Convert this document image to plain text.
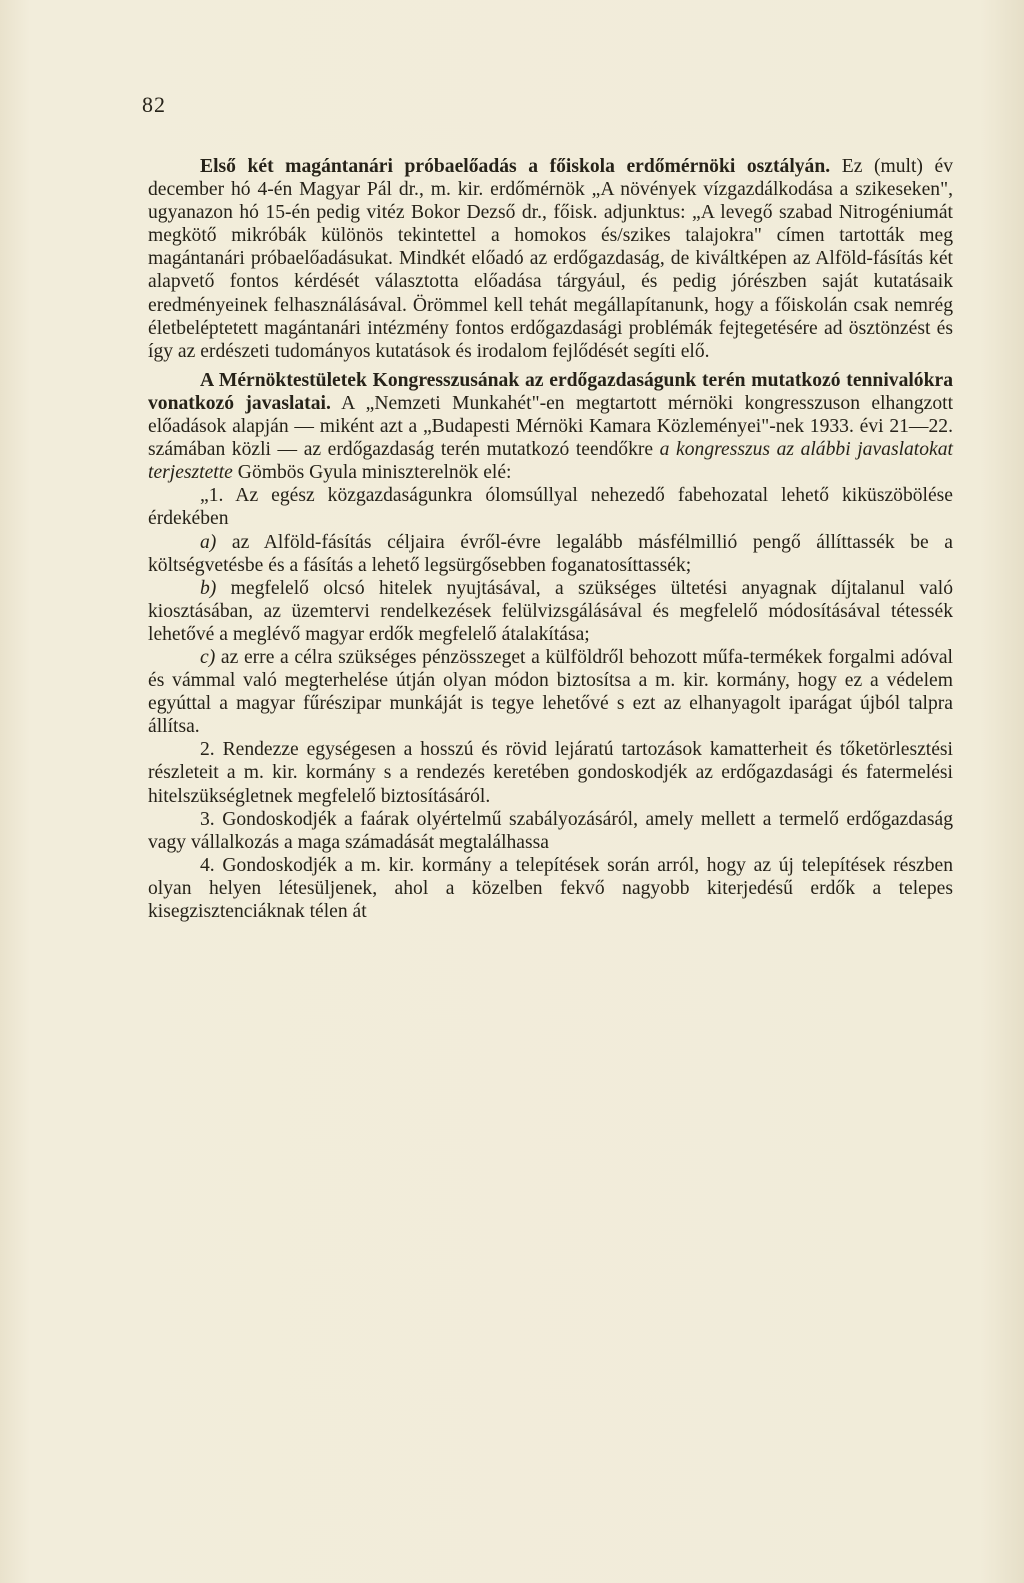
82

Első két magántanári próbaelőadás a főiskola erdőmérnöki osztályán. Ez (mult) év december hó 4-én Magyar Pál dr., m. kir. erdőmérnök „A növények vízgazdálkodása a szikeseken", ugyanazon hó 15-én pedig vitéz Bokor Dezső dr., főisk. adjunktus: „A levegő szabad Nitrogéniumát megkötő mikróbák különös tekintettel a homokos és/szikes talajokra" címen tartották meg magántanári próbaelőadásukat. Mindkét előadó az erdőgazdaság, de kiváltképen az Alföld-fásítás két alapvető fontos kérdését választotta előadása tárgyául, és pedig jórészben saját kutatásaik eredményeinek felhasználásával. Örömmel kell tehát megállapítanunk, hogy a főiskolán csak nemrég életbeléptetett magántanári intézmény fontos erdőgazdasági problémák fejtegetésére ad ösztönzést és így az erdészeti tudományos kutatások és irodalom fejlődését segíti elő.

A Mérnöktestületek Kongresszusának az erdőgazdaságunk terén mutatkozó tennivalókra vonatkozó javaslatai. A „Nemzeti Munkahét"-en megtartott mérnöki kongresszuson elhangzott előadások alapján — miként azt a „Budapesti Mérnöki Kamara Közleményei"-nek 1933. évi 21—22. számában közli — az erdőgazdaság terén mutatkozó teendőkre a kongresszus az alábbi javaslatokat terjesztette Gömbös Gyula miniszterelnök elé:

„1. Az egész közgazdaságunkra ólomsúllyal nehezedő fabehozatal lehető kiküszöbölése érdekében

a) az Alföld-fásítás céljaira évről-évre legalább másfélmillió pengő állíttassék be a költségvetésbe és a fásítás a lehető legsürgősebben foganatosíttassék;

b) megfelelő olcsó hitelek nyujtásával, a szükséges ültetési anyagnak díjtalanul való kiosztásában, az üzemtervi rendelkezések felülvizsgálásával és megfelelő módosításával tétessék lehetővé a meglévő magyar erdők megfelelő átalakítása;

c) az erre a célra szükséges pénzösszeget a külföldről behozott műfa-termékek forgalmi adóval és vámmal való megterhelése útján olyan módon biztosítsa a m. kir. kormány, hogy ez a védelem egyúttal a magyar fűrészipar munkáját is tegye lehetővé s ezt az elhanyagolt iparágat újból talpra állítsa.

2. Rendezze egységesen a hosszú és rövid lejáratú tartozások kamatterheit és tőketörlesztési részleteit a m. kir. kormány s a rendezés keretében gondoskodjék az erdőgazdasági és fatermelési hitelszükségletnek megfelelő biztosításáról.

3. Gondoskodjék a faárak olyértelmű szabályozásáról, amely mellett a termelő erdőgazdaság vagy vállalkozás a maga számadását megtalálhassa

4. Gondoskodjék a m. kir. kormány a telepítések során arról, hogy az új telepítések részben olyan helyen létesüljenek, ahol a közelben fekvő nagyobb kiterjedésű erdők a telepes kisegzisztenciáknak télen át
